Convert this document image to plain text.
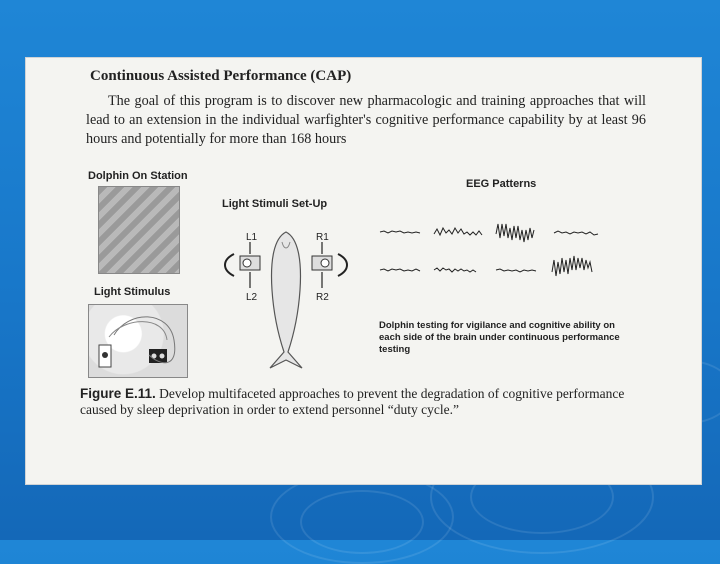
Continuous Assisted Performance (CAP)

The goal of this program is to discover new pharmacologic and training approaches that will lead to an extension in the individual warfighter's cognitive performance capability by at least 96 hours and potentially for more than 168 hours

Dolphin On Station

Light Stimulus

Light Stimuli Set-Up

L1	R1
L2	R2

EEG Patterns

Dolphin testing for vigilance and cognitive ability on each side of the brain under continuous performance testing

Figure E.11. Develop multifaceted approaches to prevent the degradation of cognitive performance caused by sleep deprivation in order to extend personnel “duty cycle.”
